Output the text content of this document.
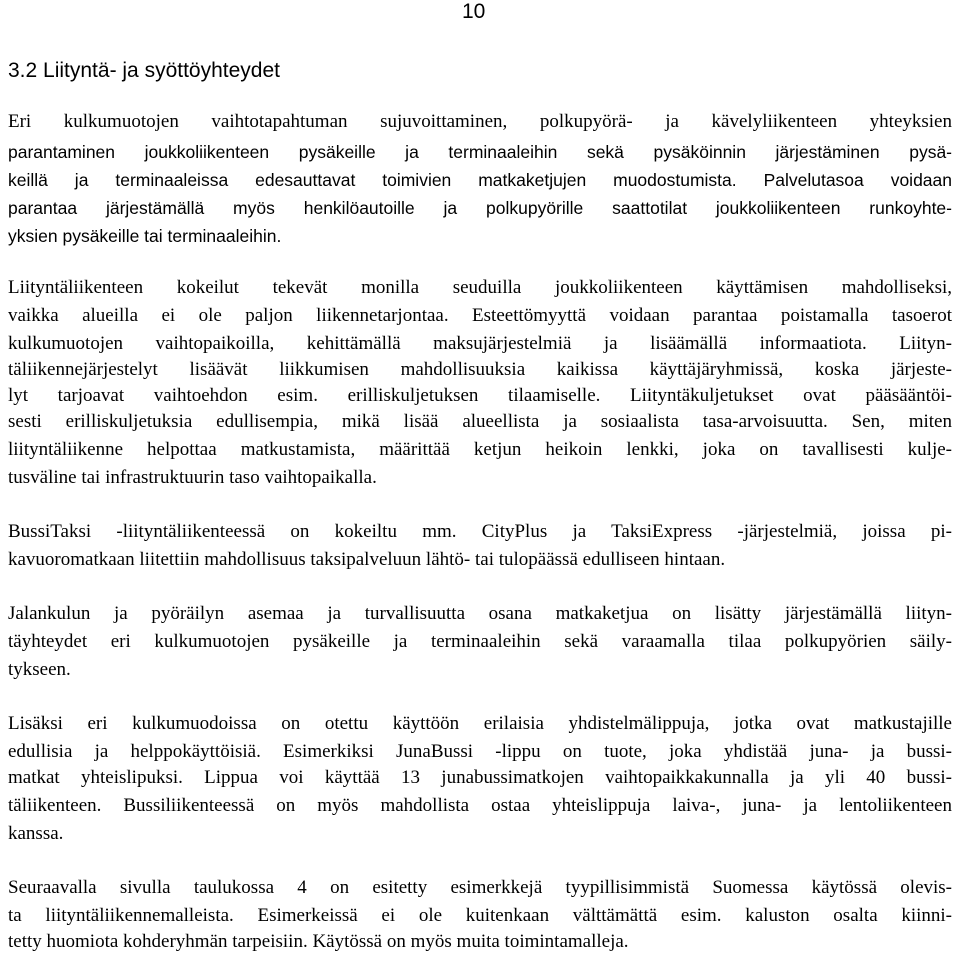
10
3.2 Liityntä- ja syöttöyhteydet
Eri kulkumuotojen vaihtotapahtuman sujuvoittaminen, polkupyörä- ja kävelyliikenteen yhteyksien
parantaminen joukkoliikenteen pysäkeille ja terminaaleihin sekä pysäköinnin järjestäminen pysä-
keillä ja terminaaleissa edesauttavat toimivien matkaketjujen muodostumista. Palvelutasoa voidaan
parantaa järjestämällä myös henkilöautoille ja polkupyörille saattotilat joukkoliikenteen runkoyhte-
yksien pysäkeille tai terminaaleihin.
Liityntäliikenteen kokeilut tekevät monilla seuduilla joukkoliikenteen käyttämisen mahdolliseksi,
vaikka alueilla ei ole paljon liikennetarjontaa. Esteettömyyttä voidaan parantaa poistamalla tasoerot
kulkumuotojen vaihtopaikoilla, kehittämällä maksujärjestelmiä ja lisäämällä informaatiota. Liityn-
täliikennejärjestelyt lisäävät liikkumisen mahdollisuuksia kaikissa käyttäjäryhmissä, koska järjeste-
lyt tarjoavat vaihtoehdon esim. erilliskuljetuksen tilaamiselle. Liityntäkuljetukset ovat pääsääntöi-
sesti erilliskuljetuksia edullisempia, mikä lisää alueellista ja sosiaalista tasa-arvoisuutta. Sen, miten
liityntäliikenne helpottaa matkustamista, määrittää ketjun heikoin lenkki, joka on tavallisesti kulje-
tusväline tai infrastruktuurin taso vaihtopaikalla.
BussiTaksi -liityntäliikenteessä on kokeiltu mm. CityPlus ja TaksiExpress -järjestelmiä, joissa pi-
kavuoromatkaan liitettiin mahdollisuus taksipalveluun lähtö- tai tulopäässä edulliseen hintaan.
Jalankulun ja pyöräilyn asemaa ja turvallisuutta osana matkaketjua on lisätty järjestämällä liityn-
täyhteydet eri kulkumuotojen pysäkeille ja terminaaleihin sekä varaamalla tilaa polkupyörien säily-
tykseen.
Lisäksi eri kulkumuodoissa on otettu käyttöön erilaisia yhdistelmälippuja, jotka ovat matkustajille
edullisia ja helppokäyttöisiä. Esimerkiksi JunaBussi -lippu on tuote, joka yhdistää juna- ja bussi-
matkat yhteislipuksi. Lippua voi käyttää 13 junabussimatkojen vaihtopaikkakunnalla ja yli 40 bussi-
täliikenteen. Bussiliikenteessä on myös mahdollista ostaa yhteislippuja laiva-, juna- ja lentoliikenteen
kanssa.
Seuraavalla sivulla taulukossa 4 on esitetty esimerkkejä tyypillisimmistä Suomessa käytössä olevis-
ta liityntäliikennemalleista. Esimerkeissä ei ole kuitenkaan välttämättä esim. kaluston osalta kiinni-
tetty huomiota kohderyhmän tarpeisiin. Käytössä on myös muita toimintamalleja.
